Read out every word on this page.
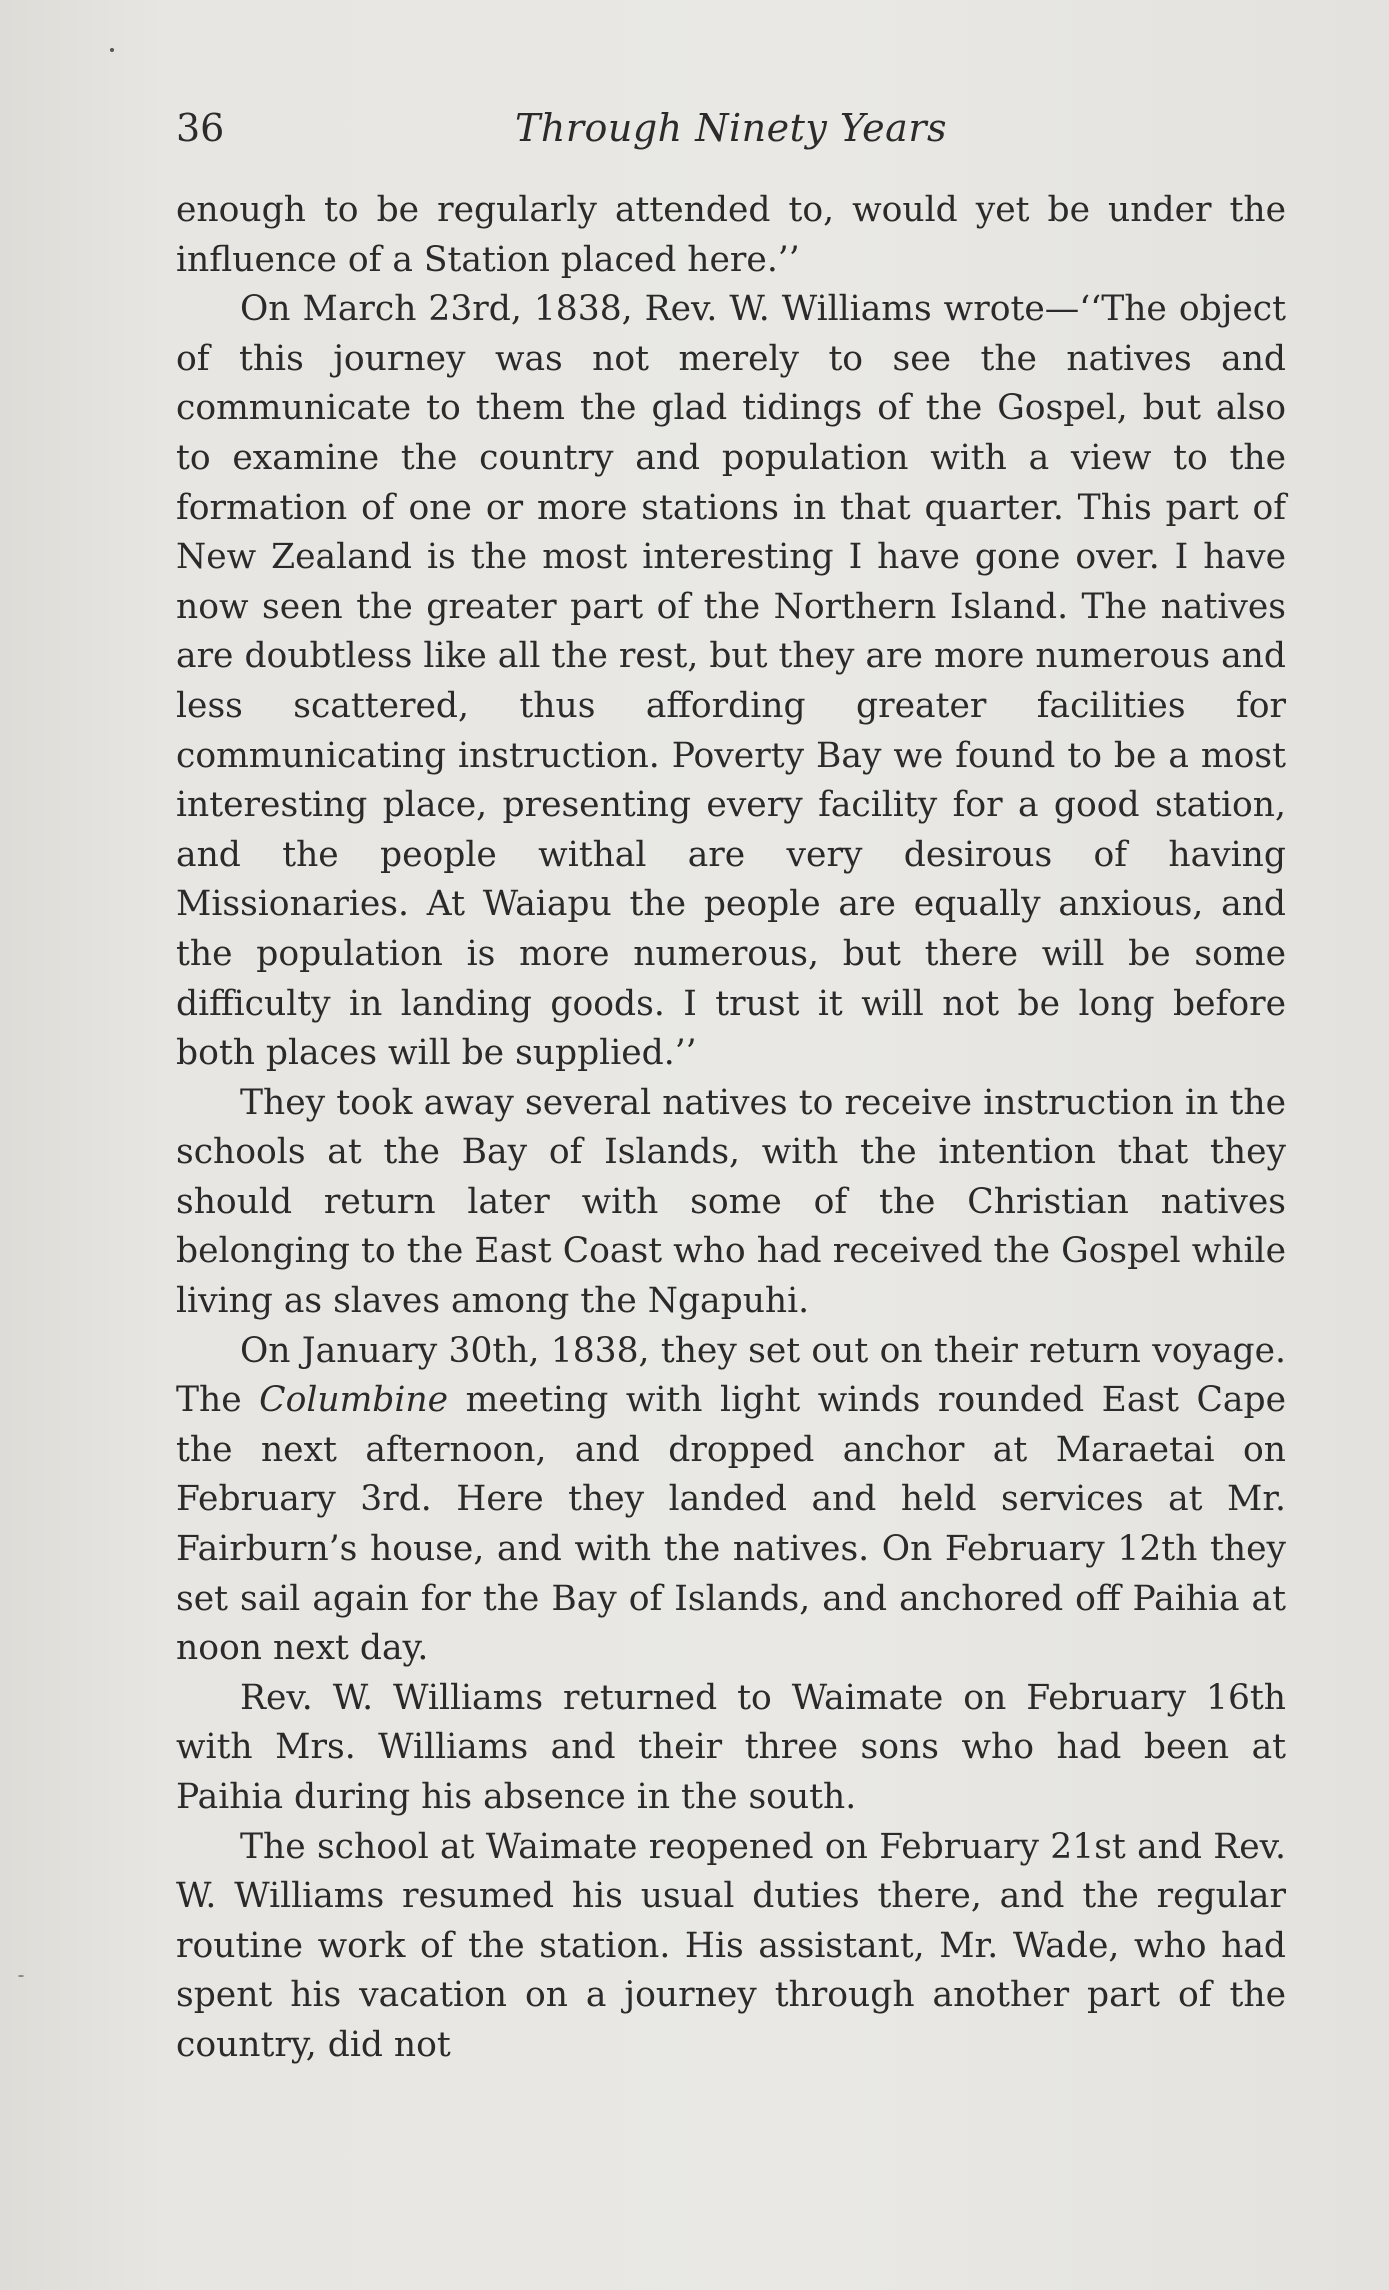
36	Through Ninety Years

enough to be regularly attended to, would yet be under the influence of a Station placed here.’’

On March 23rd, 1838, Rev. W. Williams wrote—‘‘The object of this journey was not merely to see the natives and communicate to them the glad tidings of the Gospel, but also to examine the country and population with a view to the formation of one or more stations in that quarter. This part of New Zealand is the most interesting I have gone over. I have now seen the greater part of the Northern Island. The natives are doubtless like all the rest, but they are more numerous and less scattered, thus affording greater facilities for communicating instruction. Poverty Bay we found to be a most interesting place, presenting every facility for a good station, and the people withal are very desirous of having Missionaries. At Waiapu the people are equally anxious, and the population is more numerous, but there will be some difficulty in landing goods. I trust it will not be long before both places will be supplied.’’

They took away several natives to receive instruction in the schools at the Bay of Islands, with the intention that they should return later with some of the Christian natives belonging to the East Coast who had received the Gospel while living as slaves among the Ngapuhi.

On January 30th, 1838, they set out on their return voyage. The Columbine meeting with light winds rounded East Cape the next afternoon, and dropped anchor at Maraetai on February 3rd. Here they landed and held services at Mr. Fairburn’s house, and with the natives. On February 12th they set sail again for the Bay of Islands, and anchored off Paihia at noon next day.

Rev. W. Williams returned to Waimate on February 16th with Mrs. Williams and their three sons who had been at Paihia during his absence in the south.

The school at Waimate reopened on February 21st and Rev. W. Williams resumed his usual duties there, and the regular routine work of the station. His assistant, Mr. Wade, who had spent his vacation on a journey through another part of the country, did not
